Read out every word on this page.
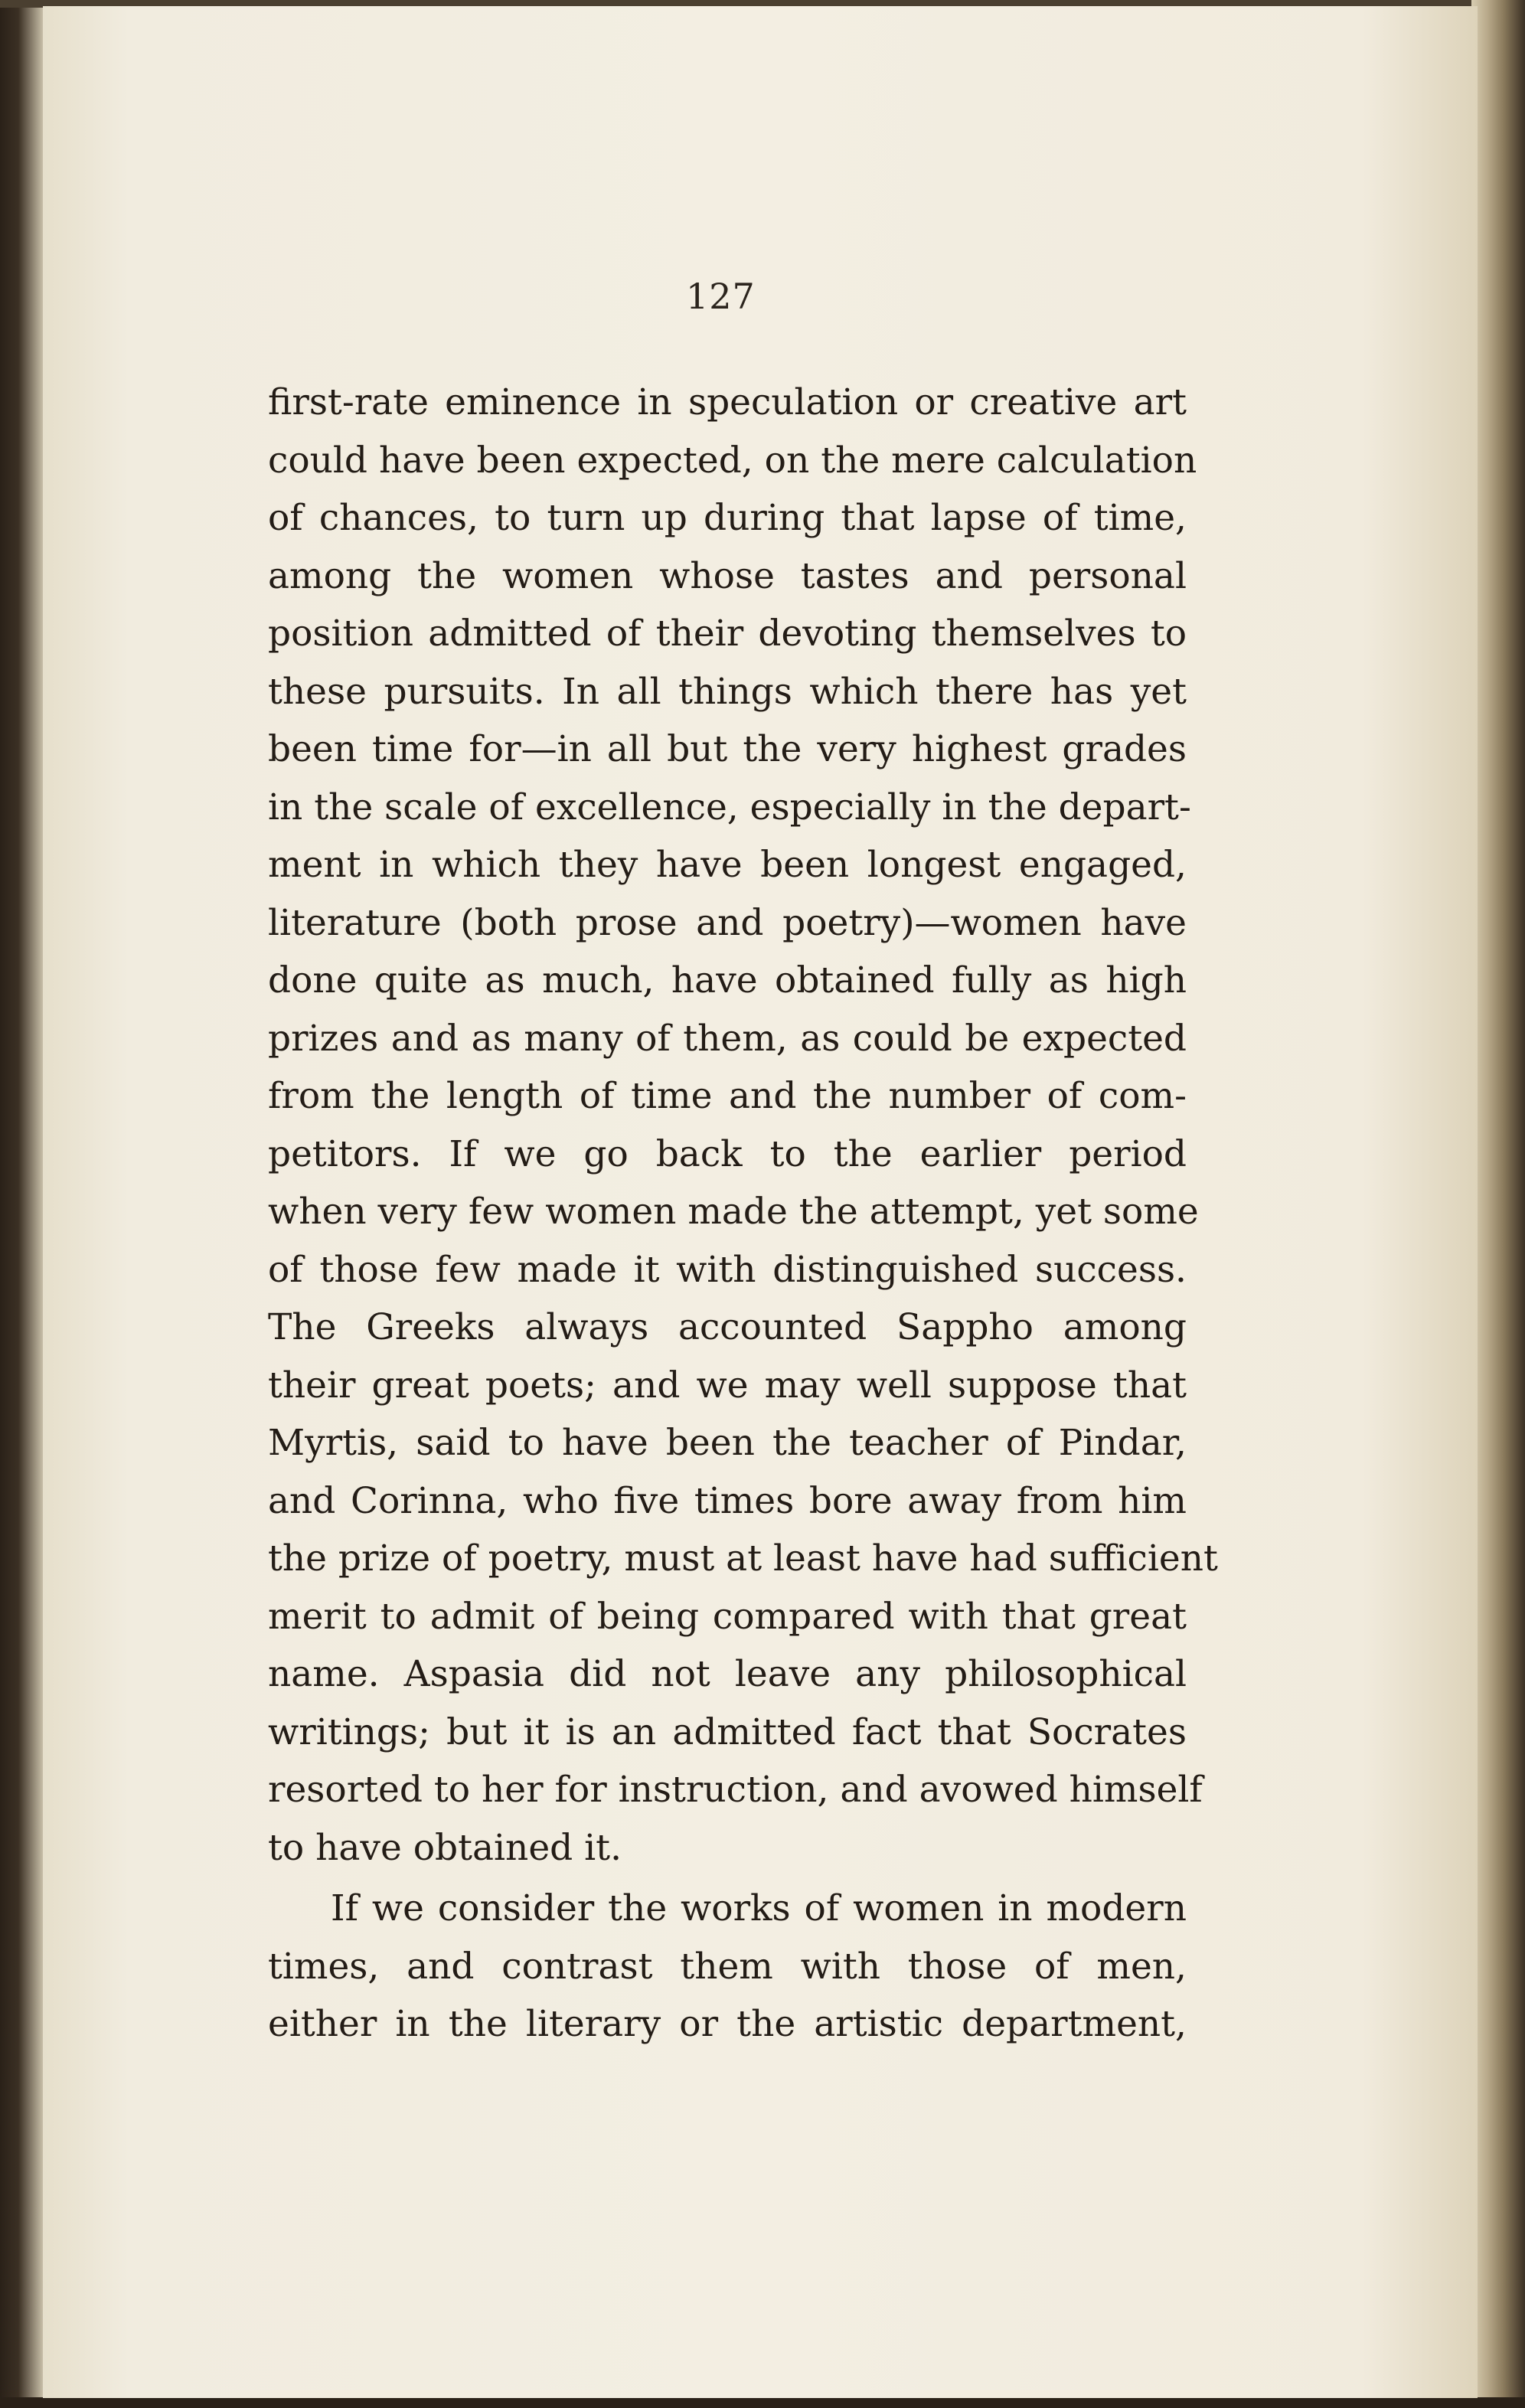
127
first-rate eminence in speculation or creative art
could have been expected, on the mere calculation
of chances, to turn up during that lapse of time,
among the women whose tastes and personal
position admitted of their devoting themselves to
these pursuits. In all things which there has yet
been time for—in all but the very highest grades
in the scale of excellence, especially in the depart-
ment in which they have been longest engaged,
literature (both prose and poetry)—women have
done quite as much, have obtained fully as high
prizes and as many of them, as could be expected
from the length of time and the number of com-
petitors. If we go back to the earlier period
when very few women made the attempt, yet some
of those few made it with distinguished success.
The Greeks always accounted Sappho among
their great poets; and we may well suppose that
Myrtis, said to have been the teacher of Pindar,
and Corinna, who five times bore away from him
the prize of poetry, must at least have had sufficient
merit to admit of being compared with that great
name. Aspasia did not leave any philosophical
writings; but it is an admitted fact that Socrates
resorted to her for instruction, and avowed himself
to have obtained it.
If we consider the works of women in modern
times, and contrast them with those of men,
either in the literary or the artistic department,
